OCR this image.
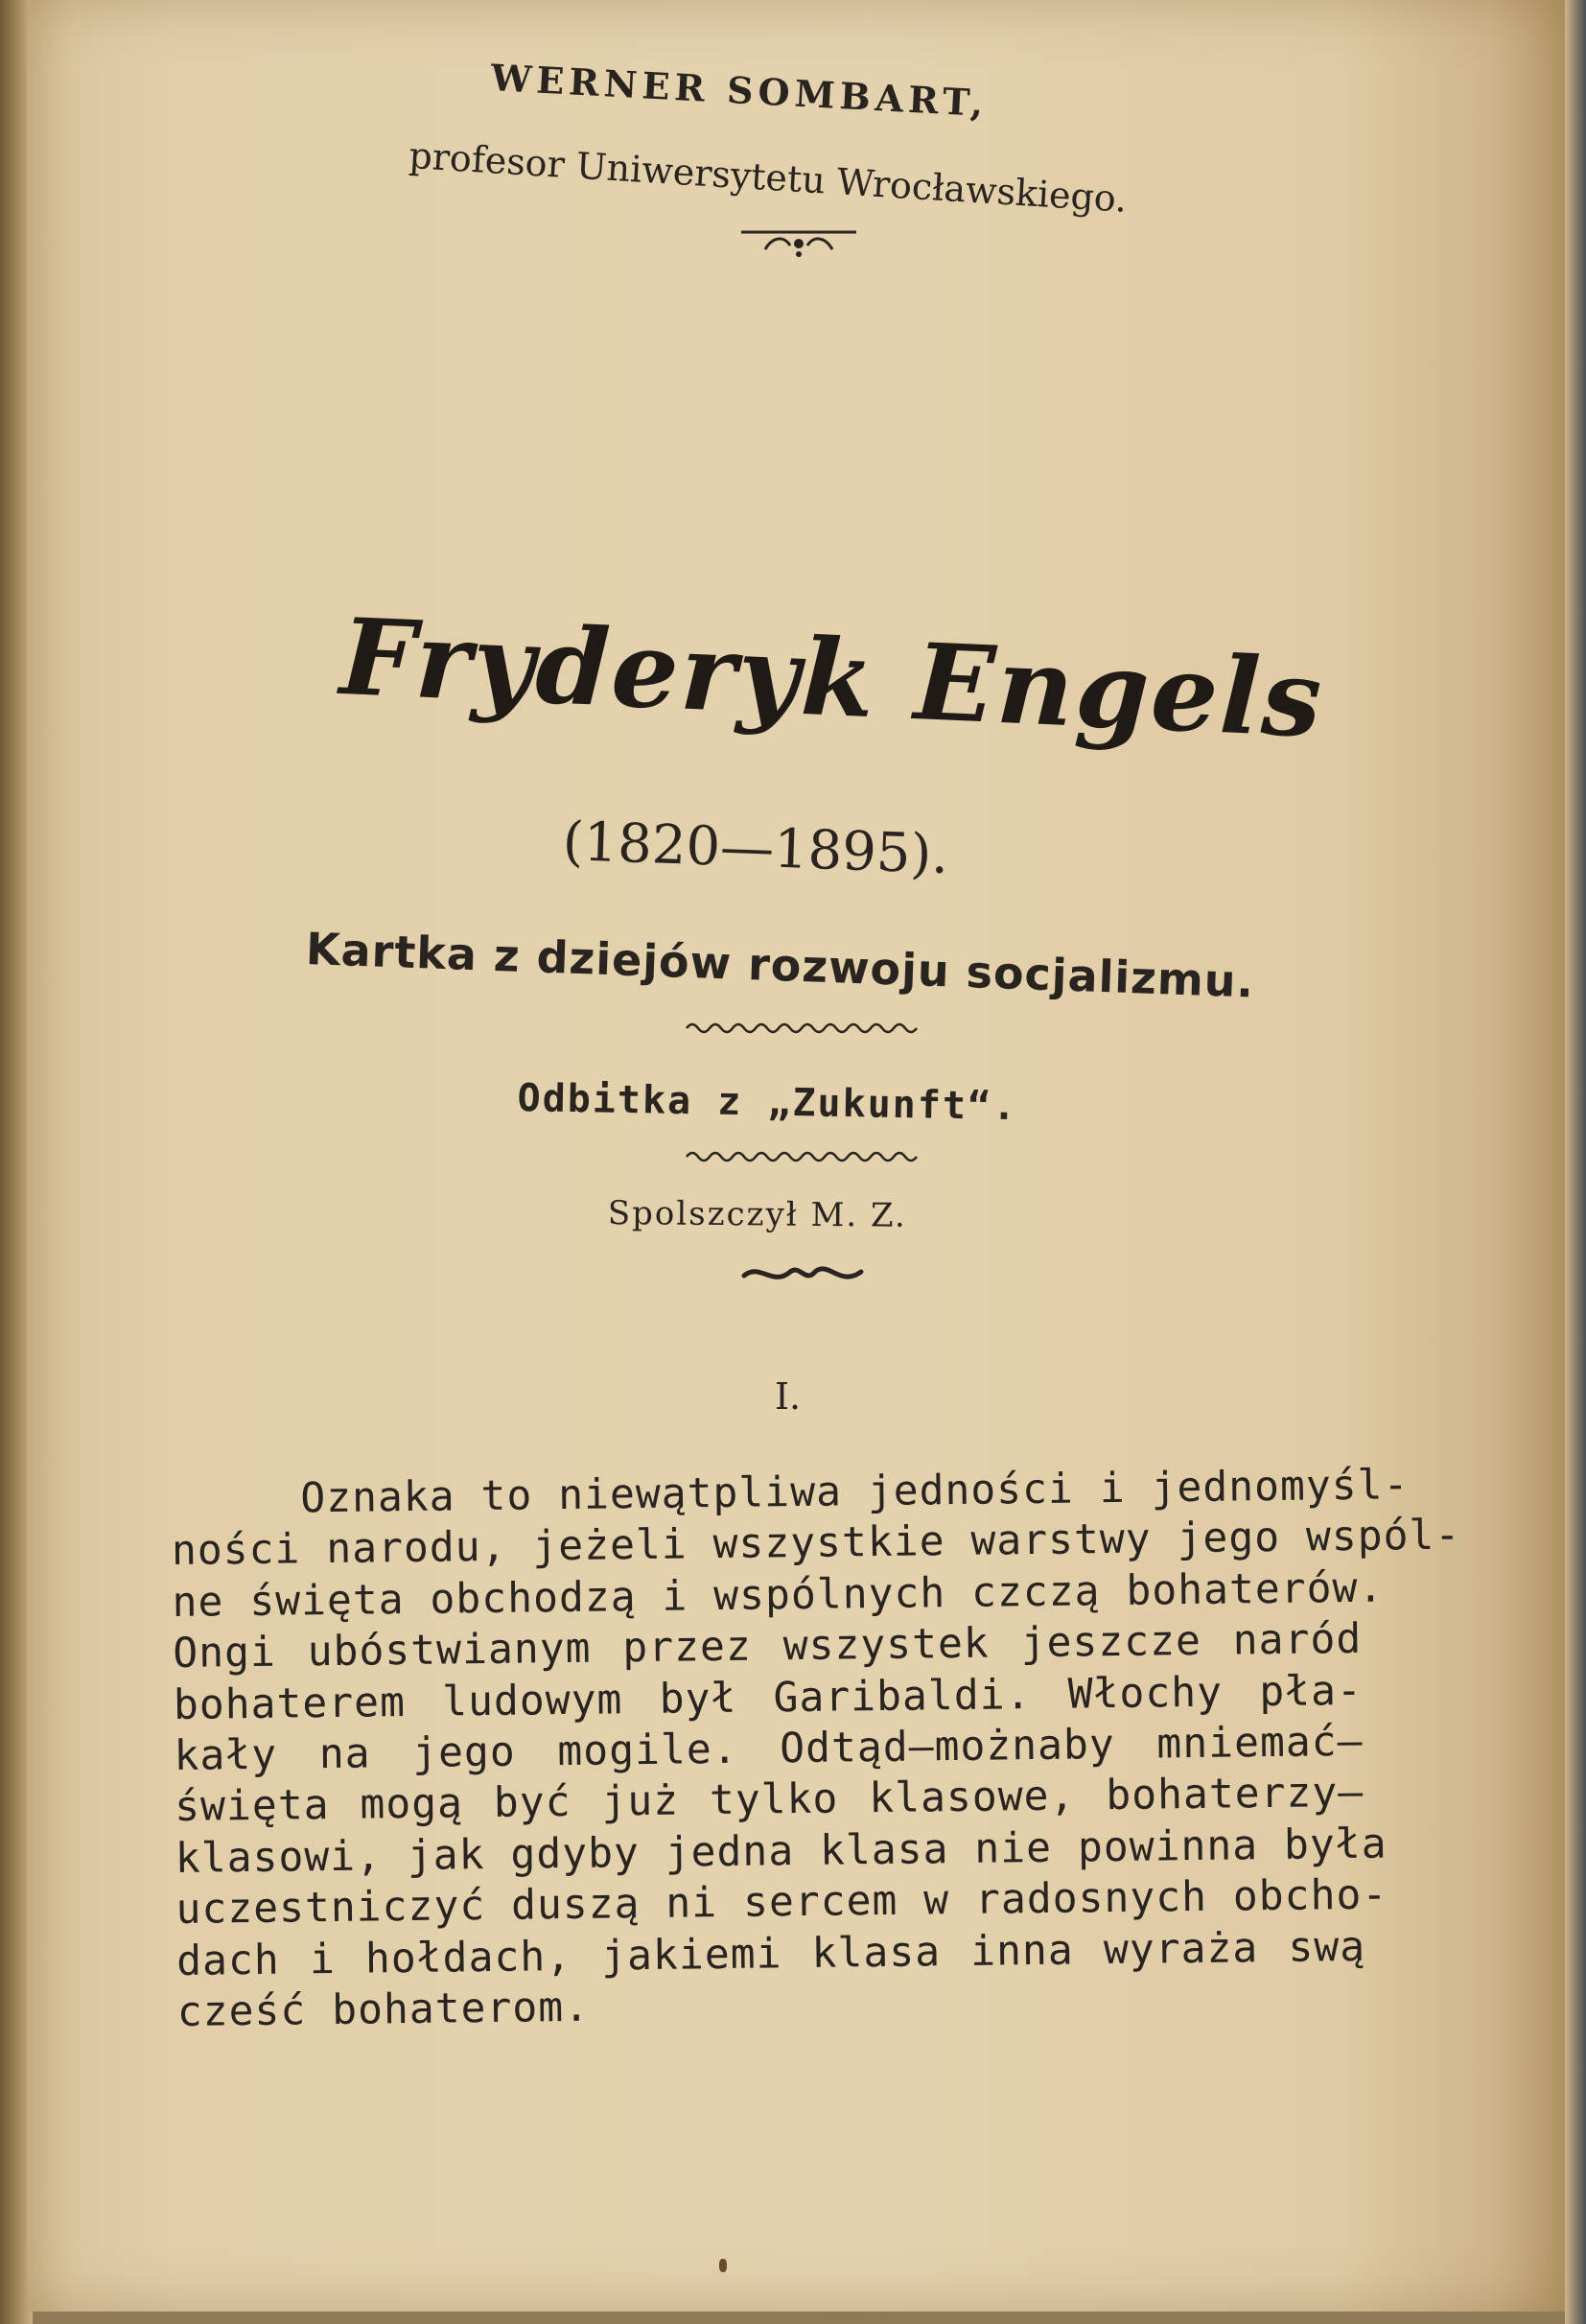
WERNER SOMBART,
profesor Uniwersytetu Wrocławskiego.
Fryderyk Engels
(1820—1895).
Kartka z dziejów rozwoju socjalizmu.
Odbitka z „Zukunft“.
Spolszczył M. Z.
I.
Oznaka to niewątpliwa jedności i jednomyśl-
ności narodu, jeżeli wszystkie warstwy jego wspól-
ne święta obchodzą i wspólnych czczą bohaterów.
Ongi ubóstwianym przez wszystek jeszcze naród
bohaterem ludowym był Garibaldi. Włochy pła-
kały na jego mogile. Odtąd—możnaby mniemać—
święta mogą być już tylko klasowe, bohaterzy—
klasowi, jak gdyby jedna klasa nie powinna była
uczestniczyć duszą ni sercem w radosnych obcho-
dach i hołdach, jakiemi klasa inna wyraża swą
cześć bohaterom.
